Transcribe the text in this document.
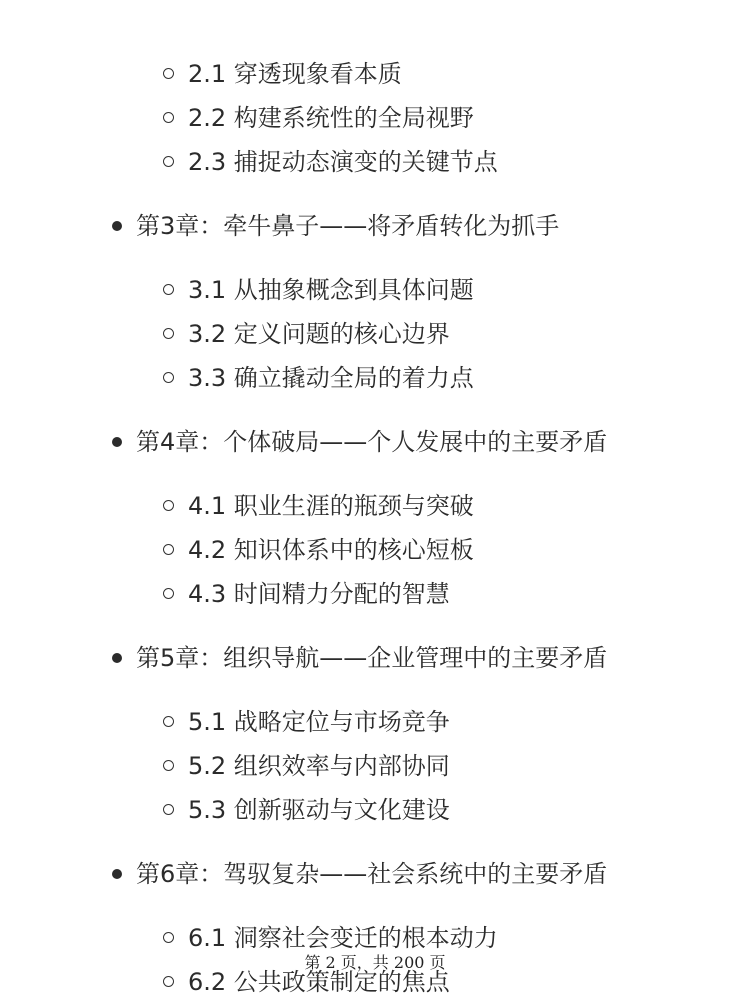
2.1 穿透现象看本质
2.2 构建系统性的全局视野
2.3 捕捉动态演变的关键节点
第3章：牵牛鼻子——将矛盾转化为抓手
3.1 从抽象概念到具体问题
3.2 定义问题的核心边界
3.3 确立撬动全局的着力点
第4章：个体破局——个人发展中的主要矛盾
4.1 职业生涯的瓶颈与突破
4.2 知识体系中的核心短板
4.3 时间精力分配的智慧
第5章：组织导航——企业管理中的主要矛盾
5.1 战略定位与市场竞争
5.2 组织效率与内部协同
5.3 创新驱动与文化建设
第6章：驾驭复杂——社会系统中的主要矛盾
6.1 洞察社会变迁的根本动力
6.2 公共政策制定的焦点
第 2 页，共 200 页
